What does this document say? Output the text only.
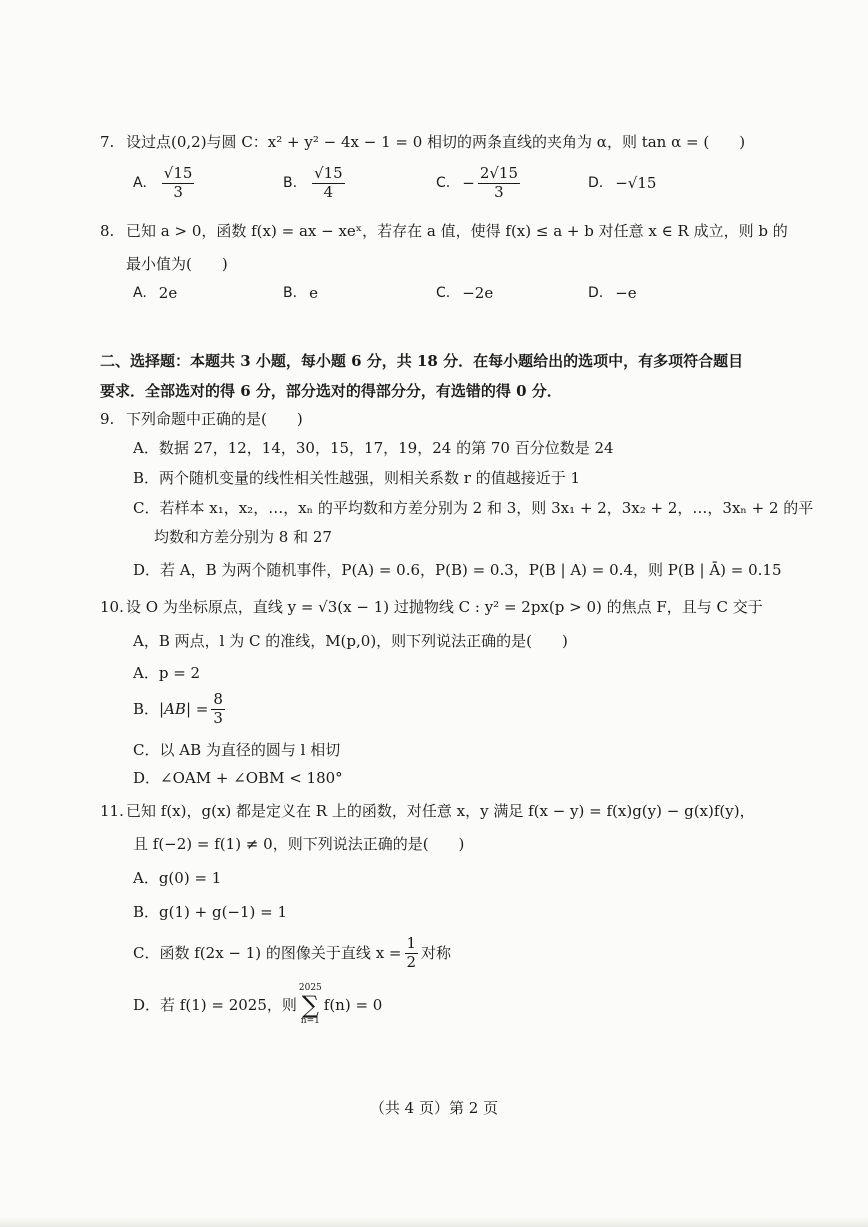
7. 设过点(0,2)与圆 C：x² + y² − 4x − 1 = 0 相切的两条直线的夹角为 α，则 tan α = (　　)
A. $\frac{√15}{3}$	B. $\frac{√15}{4}$	C. − $\frac{2√15}{3}$	D. −√15
8. 已知 a > 0，函数 f(x) = ax − xeˣ，若存在 a 值，使得 f(x) ≤ a + b 对任意 x ∈ R 成立，则 b 的
最小值为(　　)
A. 2e	B. e	C. −2e	D. −e
二、选择题：本题共 3 小题，每小题 6 分，共 18 分．在每小题给出的选项中，有多项符合题目
要求．全部选对的得 6 分，部分选对的得部分分，有选错的得 0 分．
9. 下列命题中正确的是(　　)
A．数据 27，12，14，30，15，17，19，24 的第 70 百分位数是 24
B．两个随机变量的线性相关性越强，则相关系数 r 的值越接近于 1
C．若样本 x₁，x₂，…，xₙ 的平均数和方差分别为 2 和 3，则 3x₁ + 2，3x₂ + 2，…，3xₙ + 2 的平
均数和方差分别为 8 和 27
D．若 A，B 为两个随机事件，P(A) = 0.6，P(B) = 0.3，P(B | A) = 0.4，则 P(B | Ā) = 0.15
10. 设 O 为坐标原点，直线 y = √3(x − 1) 过抛物线 C : y² = 2px(p > 0) 的焦点 F，且与 C 交于
A，B 两点，l 为 C 的准线，M(p,0)，则下列说法正确的是(　　)
A．p = 2
B． $|AB| = \frac{8}{3}$
C．以 AB 为直径的圆与 l 相切
D．∠OAM + ∠OBM < 180°
11. 已知 f(x)，g(x) 都是定义在 R 上的函数，对任意 x，y 满足 f(x − y) = f(x)g(y) − g(x)f(y)，
且 f(−2) = f(1) ≠ 0，则下列说法正确的是(　　)
A．g(0) = 1
B．g(1) + g(−1) = 1
C．函数 f(2x − 1) 的图像关于直线 $x = \frac{1}{2}$ 对称
D．若 f(1) = 2025，则
2025
∑
n=1
f(n) = 0
（共 4 页）第 2 页
